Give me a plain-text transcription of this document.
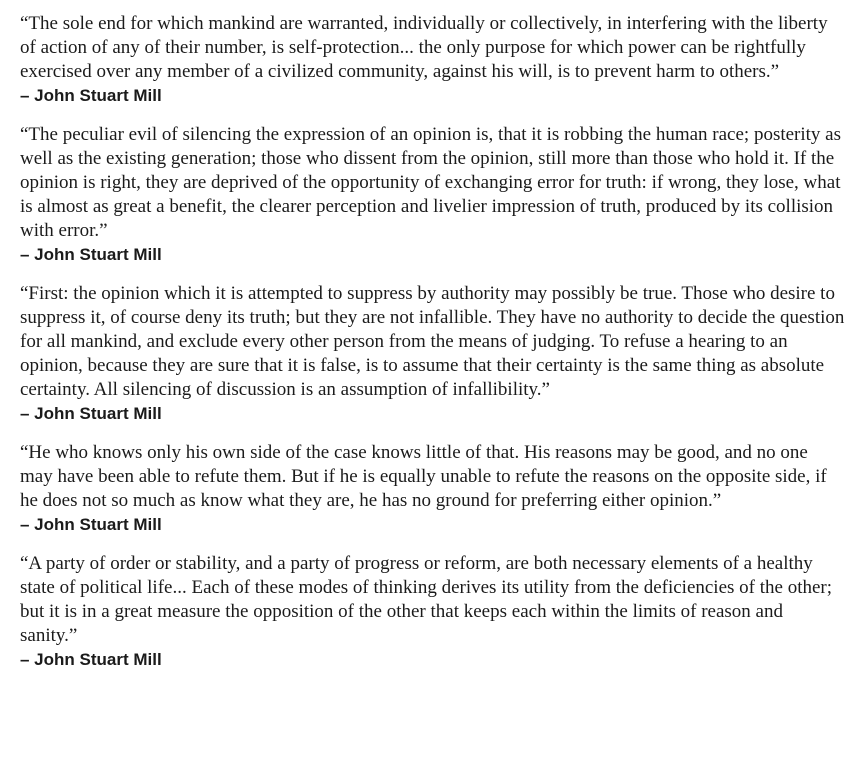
“The sole end for which mankind are warranted, individually or collectively, in interfering with the liberty of action of any of their number, is self-protection... the only purpose for which power can be rightfully exercised over any member of a civilized community, against his will, is to prevent harm to others.”

– John Stuart Mill

“The peculiar evil of silencing the expression of an opinion is, that it is robbing the human race; posterity as well as the existing generation; those who dissent from the opinion, still more than those who hold it. If the opinion is right, they are deprived of the opportunity of exchanging error for truth: if wrong, they lose, what is almost as great a benefit, the clearer perception and livelier impression of truth, produced by its collision with error.”

– John Stuart Mill

“First: the opinion which it is attempted to suppress by authority may possibly be true. Those who desire to suppress it, of course deny its truth; but they are not infallible. They have no authority to decide the question for all mankind, and exclude every other person from the means of judging. To refuse a hearing to an opinion, because they are sure that it is false, is to assume that their certainty is the same thing as absolute certainty. All silencing of discussion is an assumption of infallibility.”

– John Stuart Mill

“He who knows only his own side of the case knows little of that. His reasons may be good, and no one may have been able to refute them. But if he is equally unable to refute the reasons on the opposite side, if he does not so much as know what they are, he has no ground for preferring either opinion.”

– John Stuart Mill

“A party of order or stability, and a party of progress or reform, are both necessary elements of a healthy state of political life... Each of these modes of thinking derives its utility from the deficiencies of the other; but it is in a great measure the opposition of the other that keeps each within the limits of reason and sanity.”

– John Stuart Mill
